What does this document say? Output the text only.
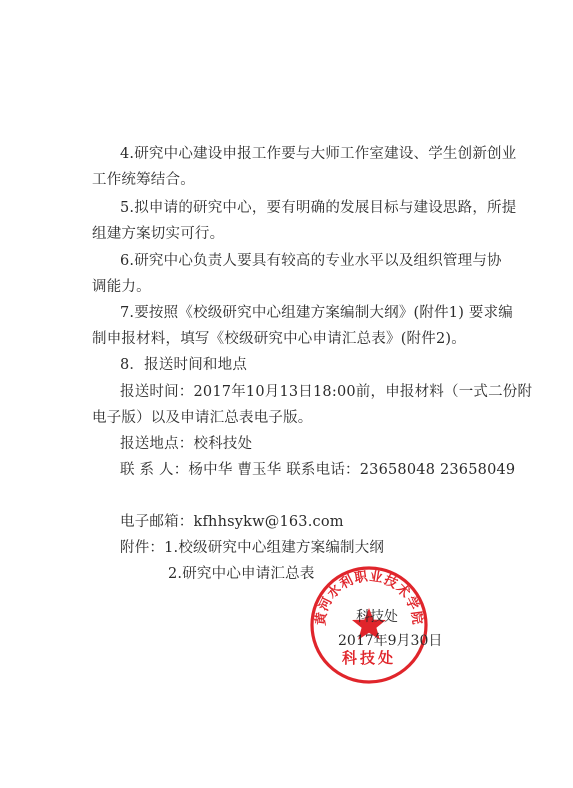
4.研究中心建设申报工作要与大师工作室建设、学生创新创业
工作统筹结合。
5.拟申请的研究中心，要有明确的发展目标与建设思路，所提
组建方案切实可行。
6.研究中心负责人要具有较高的专业水平以及组织管理与协
调能力。
7.要按照《校级研究中心组建方案编制大纲》(附件1) 要求编
制申报材料，填写《校级研究中心申请汇总表》(附件2)。
8．报送时间和地点
报送时间：2017年10月13日18:00前，申报材料（一式二份附
电子版）以及申请汇总表电子版。
报送地点：校科技处
联 系 人：杨中华 曹玉华 联系电话：23658048 23658049
电子邮箱：kfhhsykw@163.com
附件：1.校级研究中心组建方案编制大纲
2.研究中心申请汇总表
黄河水利职业技术学院
科技处
科技处
2017年9月30日
